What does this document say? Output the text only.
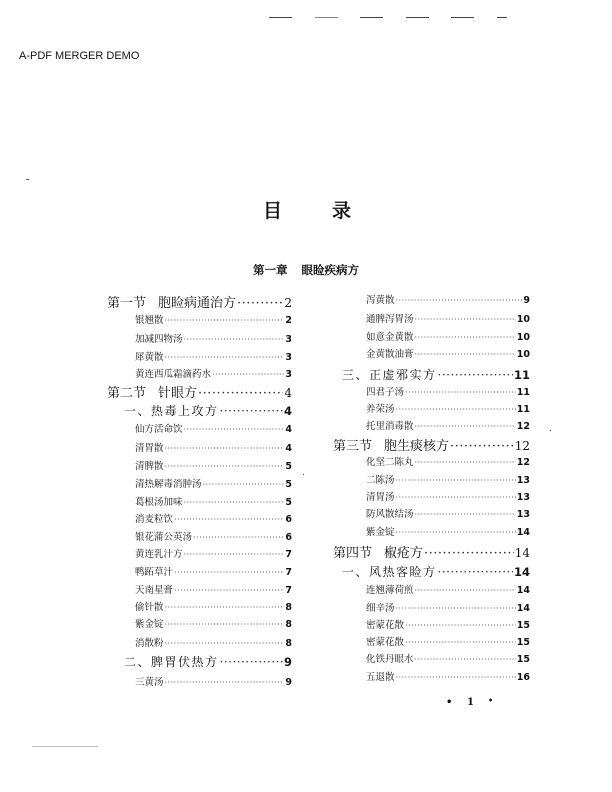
A-PDF MERGER DEMO
目	录
第一章 眼睑疾病方
第一节 胞睑病通治方 ·····	2
银翘散 ·····	2
加减四物汤 ·····	3
犀黄散 ·····	3
黄连西瓜霜滴药水 ·····	3
第二节 针眼方 ·····	4
一、热毒上攻方 ·····	4
仙方活命饮 ·····	4
清胃散 ·····	4
清脾散 ·····	5
清热解毒消肿汤 ·····	5
葛根汤加味 ·····	5
消麦粒饮 ·····	6
银花蒲公英汤 ·····	6
黄连乳汁方 ·····	7
鸭跖草汁 ·····	7
天南星膏 ·····	7
偷针散 ·····	8
紫金锭 ·····	8
消散粉 ·····	8
二、脾胃伏热方 ·····	9
三黄汤 ·····	9
泻黄散 ·····	9
通脾泻胃汤 ·····	10
如意金黄散 ·····	10
金黄散油膏 ·····	10
三、正虚邪实方 ·····	11
四君子汤 ·····	11
养荣汤 ·····	11
托里消毒散 ·····	12
第三节 胞生痰核方 ·····	12
化坚二陈丸 ·····	12
二陈汤 ·····	13
清胃汤 ·····	13
防风散结汤 ·····	13
紫金锭 ·····	14
第四节 椒疮方 ·····	14
一、风热客睑方 ·····	14
连翘薄荷煎 ·····	14
细辛汤 ·····	14
密蒙花散 ·····	15
密蒙花散 ·····	15
化铁丹眼水 ·····	15
五退散 ·····	16
• 1 •
